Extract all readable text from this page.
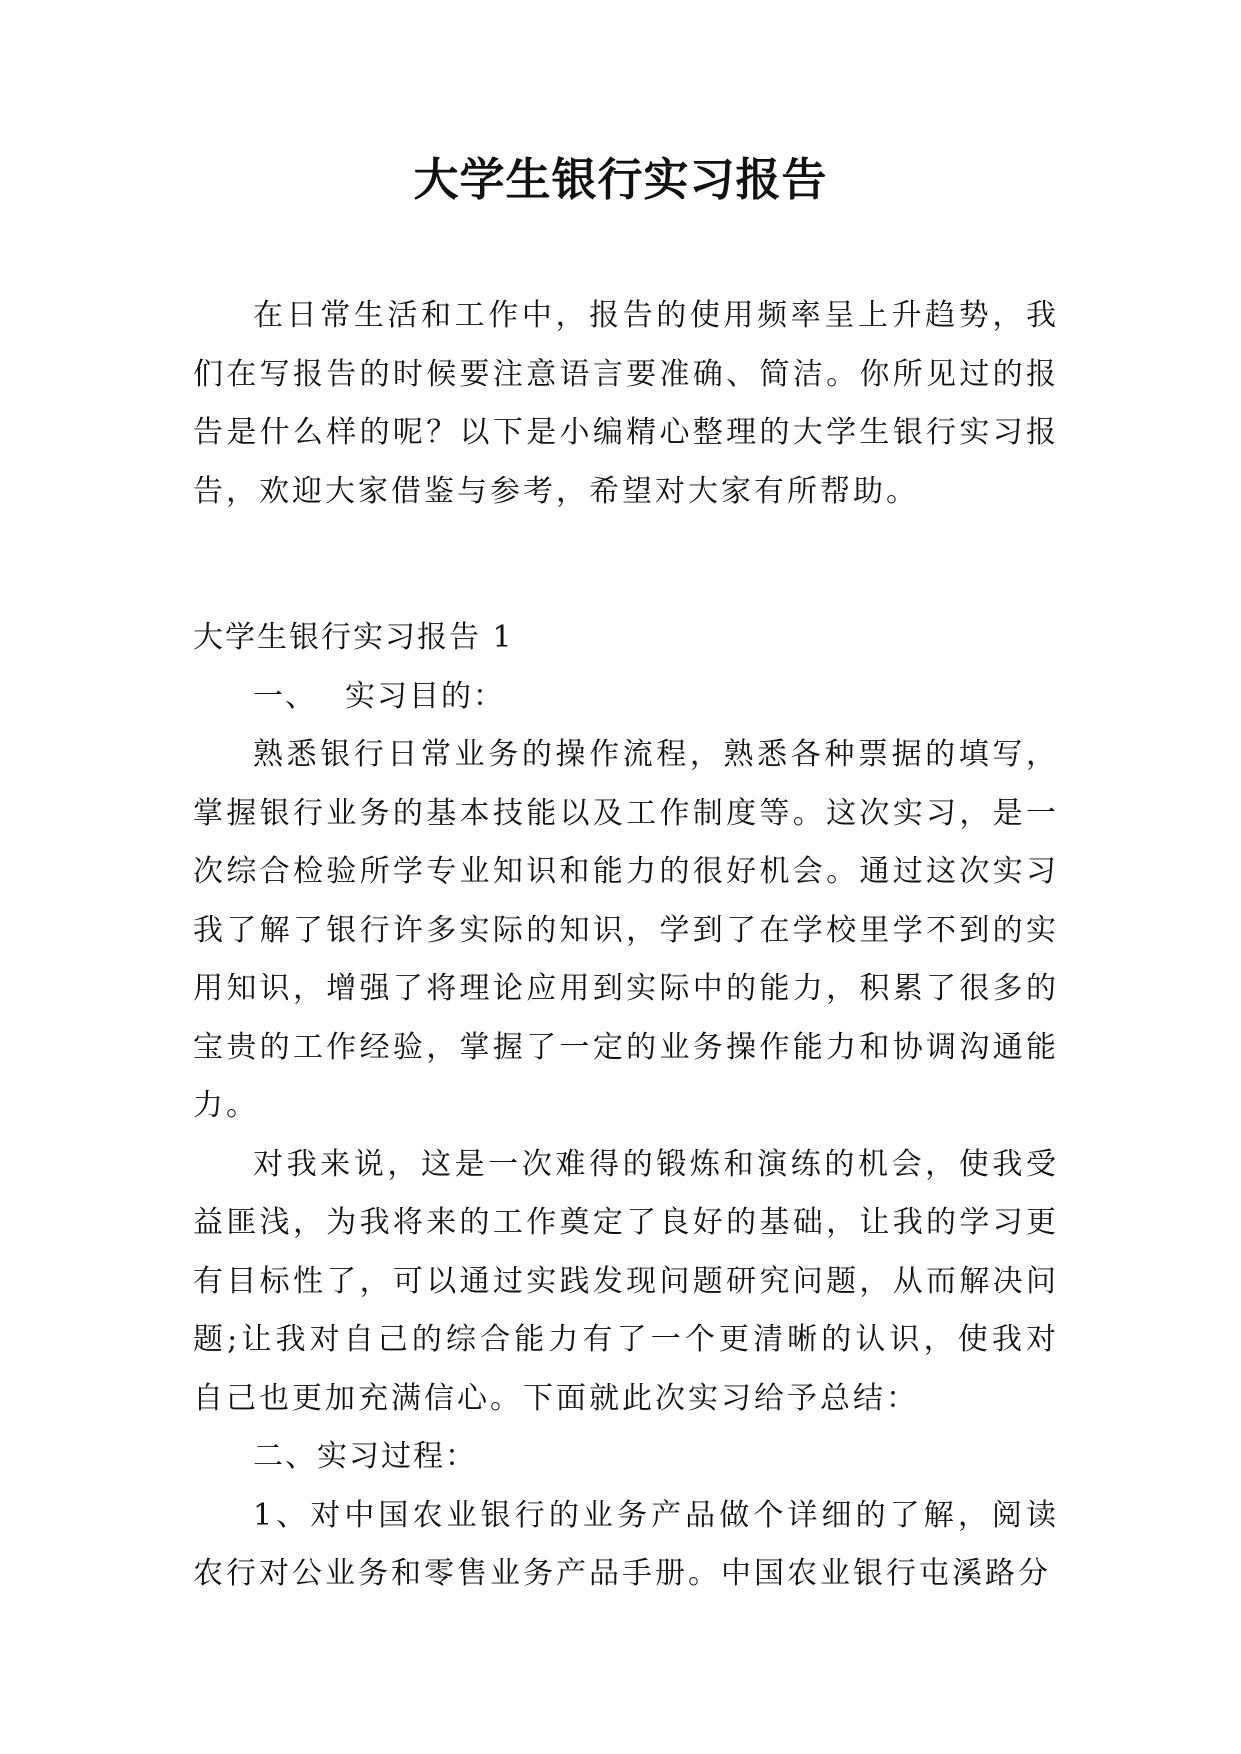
大学生银行实习报告

在日常生活和工作中，报告的使用频率呈上升趋势，我们在写报告的时候要注意语言要准确、简洁。你所见过的报告是什么样的呢？以下是小编精心整理的大学生银行实习报告，欢迎大家借鉴与参考，希望对大家有所帮助。

大学生银行实习报告 1

一、 实习目的：

熟悉银行日常业务的操作流程，熟悉各种票据的填写，掌握银行业务的基本技能以及工作制度等。这次实习，是一次综合检验所学专业知识和能力的很好机会。通过这次实习我了解了银行许多实际的知识，学到了在学校里学不到的实用知识，增强了将理论应用到实际中的能力，积累了很多的宝贵的工作经验，掌握了一定的业务操作能力和协调沟通能力。

对我来说，这是一次难得的锻炼和演练的机会，使我受益匪浅，为我将来的工作奠定了良好的基础，让我的学习更有目标性了，可以通过实践发现问题研究问题，从而解决问题;让我对自己的综合能力有了一个更清晰的认识，使我对自己也更加充满信心。下面就此次实习给予总结：

二、实习过程：

1、对中国农业银行的业务产品做个详细的了解，阅读农行对公业务和零售业务产品手册。中国农业银行屯溪路分
